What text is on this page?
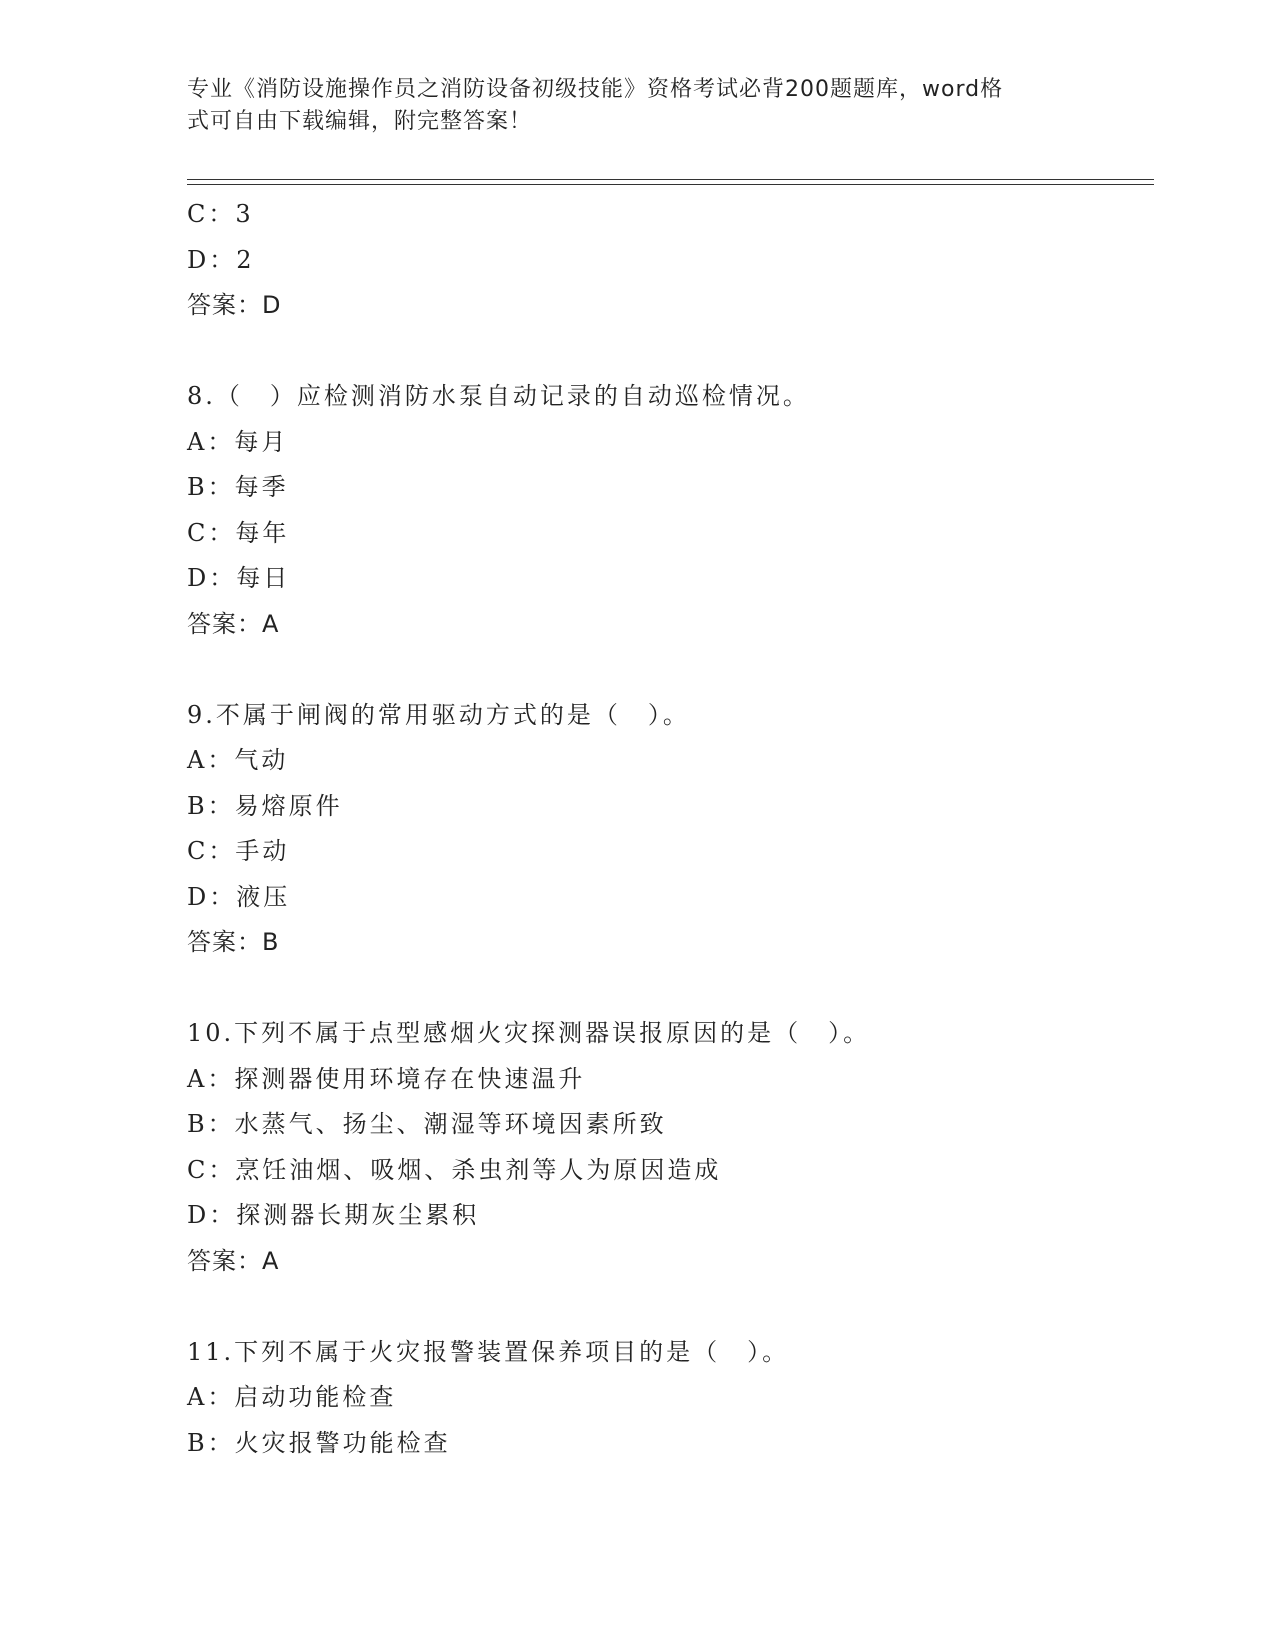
专业《消防设施操作员之消防设备初级技能》资格考试必背200题题库，word格
式可自由下载编辑，附完整答案！
C：3
D：2
答案：D
8.（　）应检测消防水泵自动记录的自动巡检情况。
A：每月
B：每季
C：每年
D：每日
答案：A
9.不属于闸阀的常用驱动方式的是（　）。
A：气动
B：易熔原件
C：手动
D：液压
答案：B
10.下列不属于点型感烟火灾探测器误报原因的是（　）。
A：探测器使用环境存在快速温升
B：水蒸气、扬尘、潮湿等环境因素所致
C：烹饪油烟、吸烟、杀虫剂等人为原因造成
D：探测器长期灰尘累积
答案：A
11.下列不属于火灾报警装置保养项目的是（　）。
A：启动功能检查
B：火灾报警功能检查
